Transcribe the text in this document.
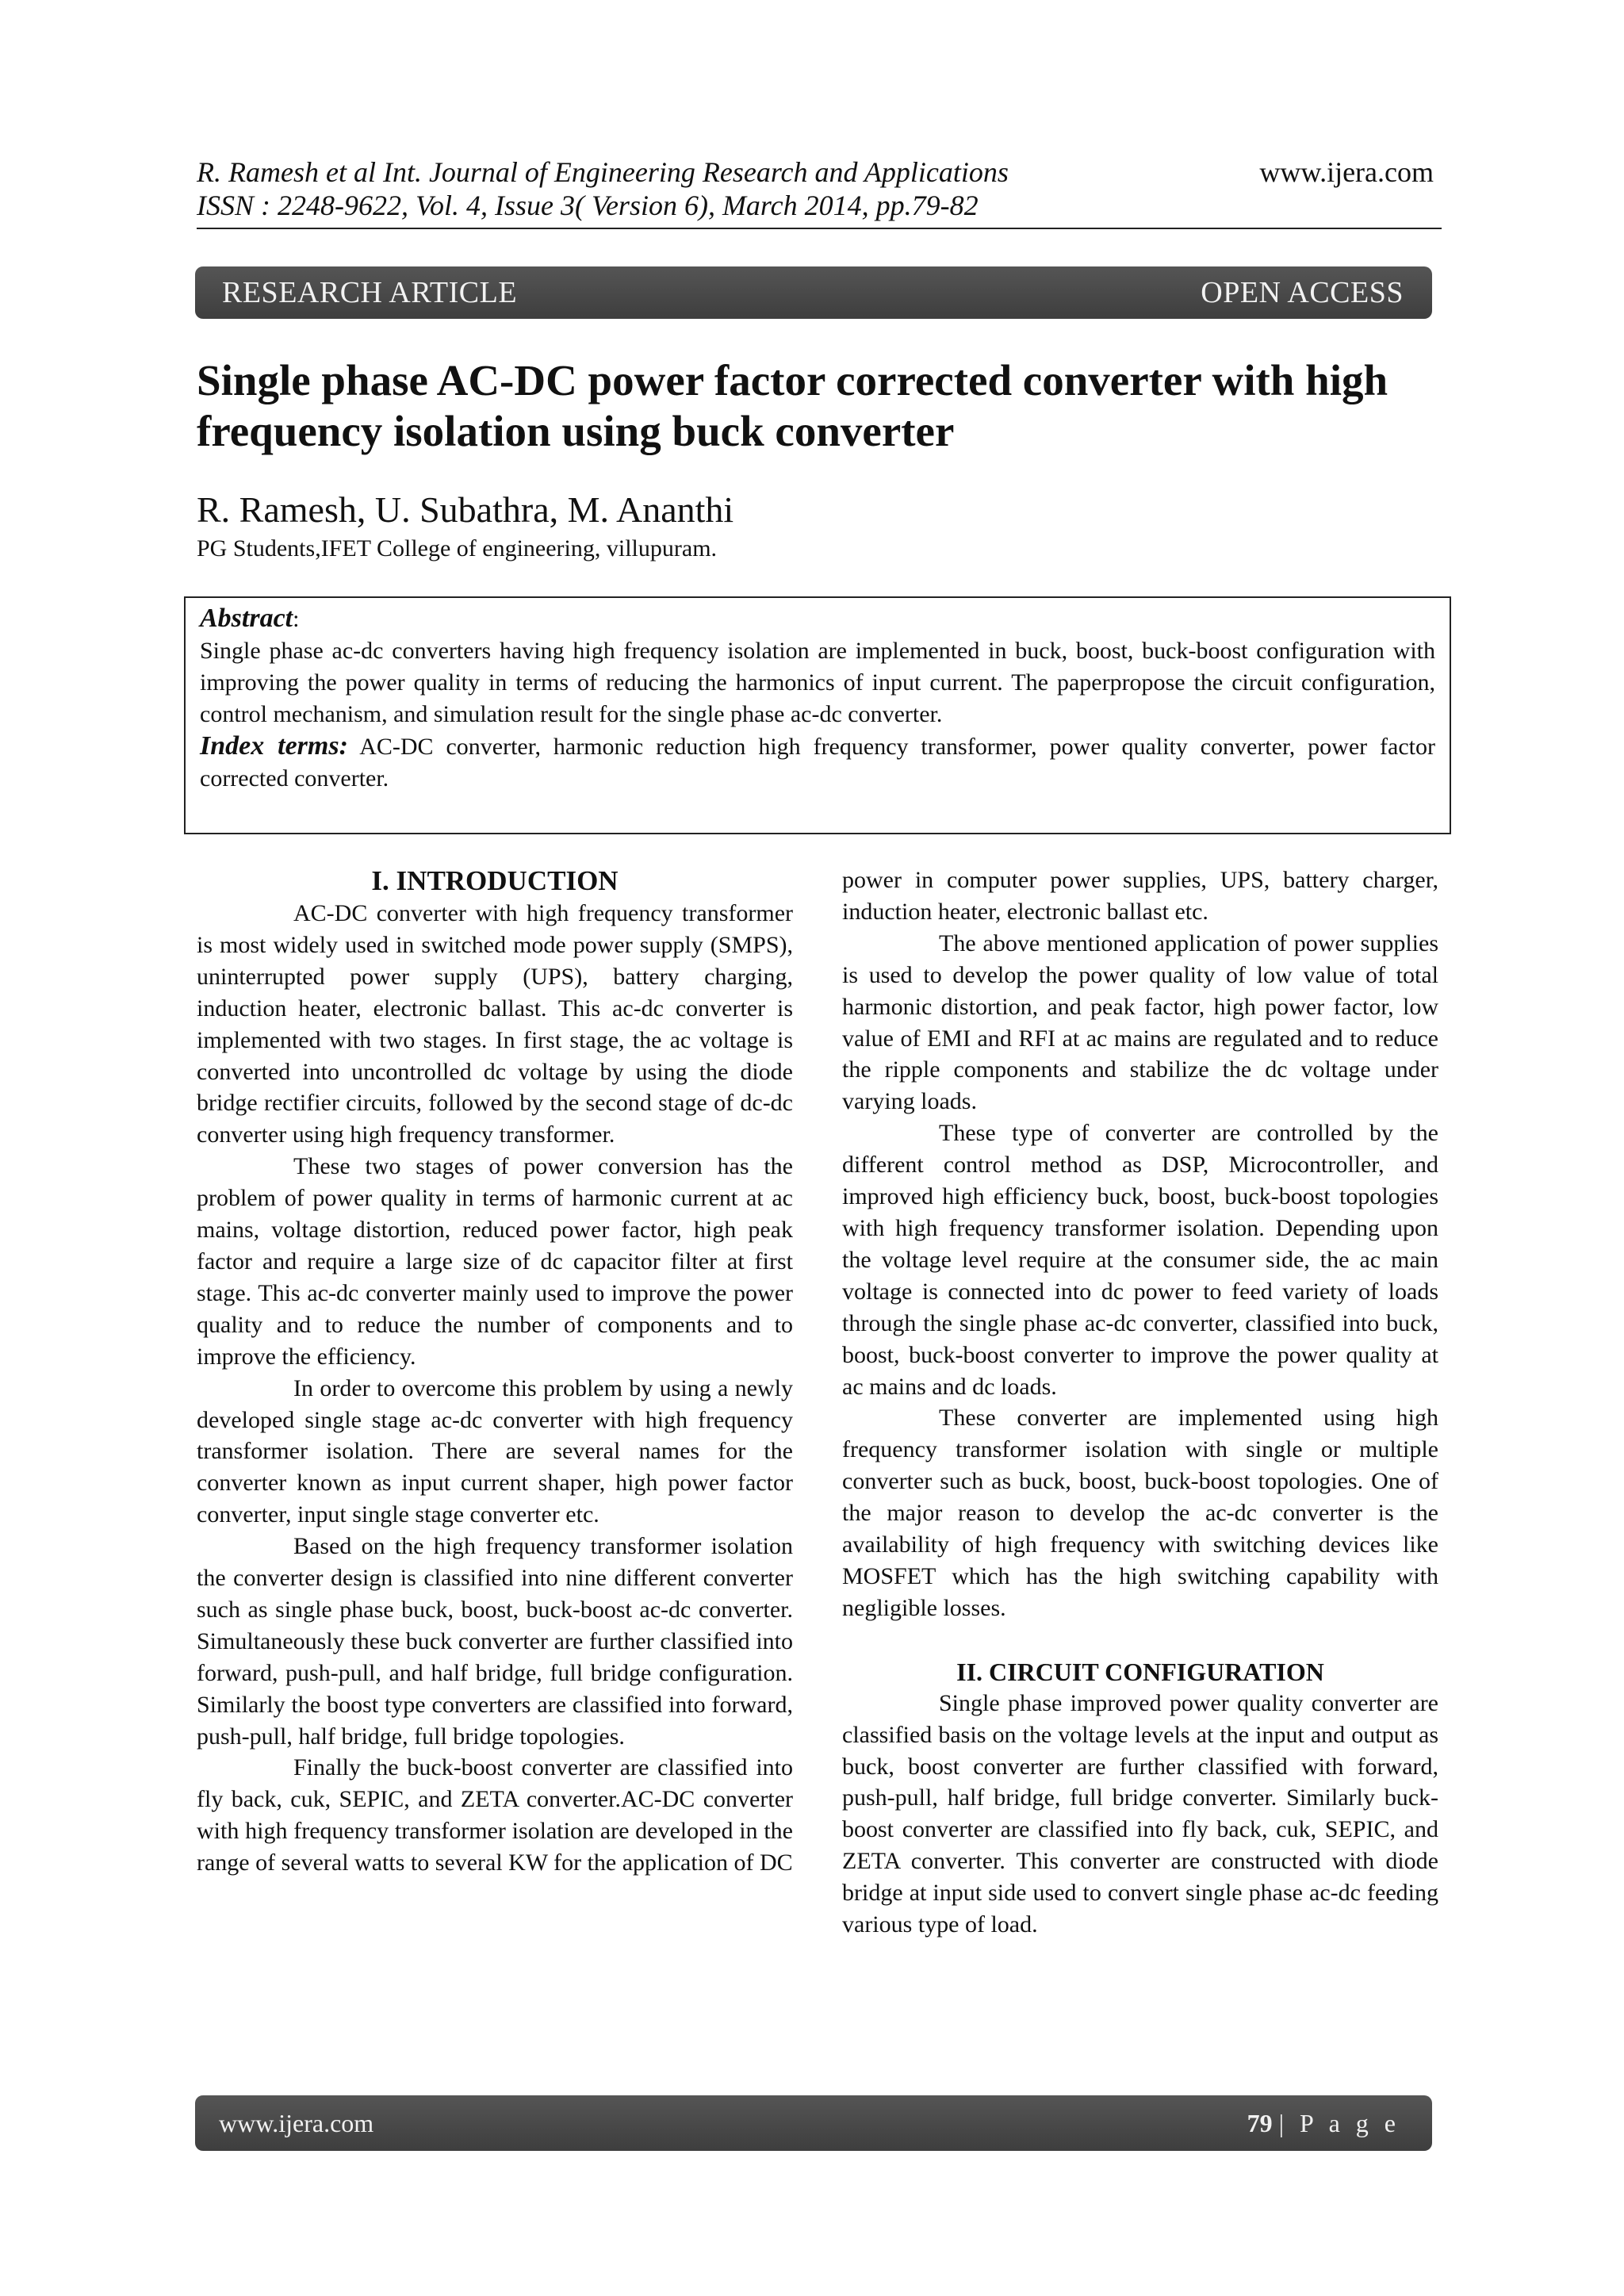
R. Ramesh et al Int. Journal of Engineering Research and Applications
ISSN : 2248-9622, Vol. 4, Issue 3( Version 6), March 2014, pp.79-82
www.ijera.com
RESEARCH ARTICLE	OPEN ACCESS
Single phase AC-DC power factor corrected converter with high frequency isolation using buck converter

R. Ramesh, U. Subathra, M. Ananthi

PG Students,IFET College of engineering, villupuram.

Abstract:

Single phase ac-dc converters having high frequency isolation are implemented in buck, boost, buck-boost configuration with improving the power quality in terms of reducing the harmonics of input current. The paperpropose the circuit configuration, control mechanism, and simulation result for the single phase ac-dc converter.

Index terms: AC-DC converter, harmonic reduction high frequency transformer, power quality converter, power factor corrected converter.

I. INTRODUCTION

AC-DC converter with high frequency transformer is most widely used in switched mode power supply (SMPS), uninterrupted power supply (UPS), battery charging, induction heater, electronic ballast. This ac-dc converter is implemented with two stages. In first stage, the ac voltage is converted into uncontrolled dc voltage by using the diode bridge rectifier circuits, followed by the second stage of dc-dc converter using high frequency transformer.

These two stages of power conversion has the problem of power quality in terms of harmonic current at ac mains, voltage distortion, reduced power factor, high peak factor and require a large size of dc capacitor filter at first stage. This ac-dc converter mainly used to improve the power quality and to reduce the number of components and to improve the efficiency.

In order to overcome this problem by using a newly developed single stage ac-dc converter with high frequency transformer isolation. There are several names for the converter known as input current shaper, high power factor converter, input single stage converter etc.

Based on the high frequency transformer isolation the converter design is classified into nine different converter such as single phase buck, boost, buck-boost ac-dc converter. Simultaneously these buck converter are further classified into forward, push-pull, and half bridge, full bridge configuration. Similarly the boost type converters are classified into forward, push-pull, half bridge, full bridge topologies.

Finally the buck-boost converter are classified into fly back, cuk, SEPIC, and ZETA converter.AC-DC converter with high frequency transformer isolation are developed in the range of several watts to several KW for the application of DC

power in computer power supplies, UPS, battery charger, induction heater, electronic ballast etc.

The above mentioned application of power supplies is used to develop the power quality of low value of total harmonic distortion, and peak factor, high power factor, low value of EMI and RFI at ac mains are regulated and to reduce the ripple components and stabilize the dc voltage under varying loads.

These type of converter are controlled by the different control method as DSP, Microcontroller, and improved high efficiency buck, boost, buck-boost topologies with high frequency transformer isolation. Depending upon the voltage level require at the consumer side, the ac main voltage is connected into dc power to feed variety of loads through the single phase ac-dc converter, classified into buck, boost, buck-boost converter to improve the power quality at ac mains and dc loads.

These converter are implemented using high frequency transformer isolation with single or multiple converter such as buck, boost, buck-boost topologies. One of the major reason to develop the ac-dc converter is the availability of high frequency with switching devices like MOSFET which has the high switching capability with negligible losses.

II. CIRCUIT CONFIGURATION

Single phase improved power quality converter are classified basis on the voltage levels at the input and output as buck, boost converter are further classified with forward, push-pull, half bridge, full bridge converter. Similarly buck-boost converter are classified into fly back, cuk, SEPIC, and ZETA converter. This converter are constructed with diode bridge at input side used to convert single phase ac-dc feeding various type of load.

www.ijera.com	79 | P a g e
